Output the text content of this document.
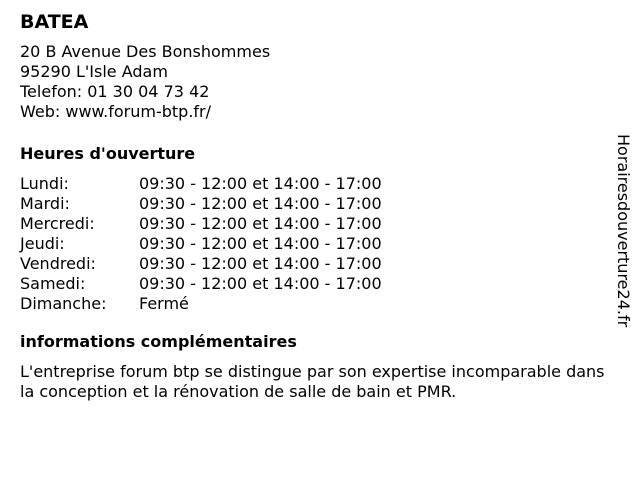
BATEA
20 B Avenue Des Bonshommes
95290 L'Isle Adam
Telefon: 01 30 04 73 42
Web: www.forum-btp.fr/
Heures d'ouverture
Lundi:	09:30 - 12:00 et 14:00 - 17:00
Mardi:	09:30 - 12:00 et 14:00 - 17:00
Mercredi:	09:30 - 12:00 et 14:00 - 17:00
Jeudi:	09:30 - 12:00 et 14:00 - 17:00
Vendredi:	09:30 - 12:00 et 14:00 - 17:00
Samedi:	09:30 - 12:00 et 14:00 - 17:00
Dimanche:	Fermé
informations complémentaires

L'entreprise forum btp se distingue par son expertise incomparable dans la conception et la rénovation de salle de bain et PMR.

Horairesdouverture24.fr
